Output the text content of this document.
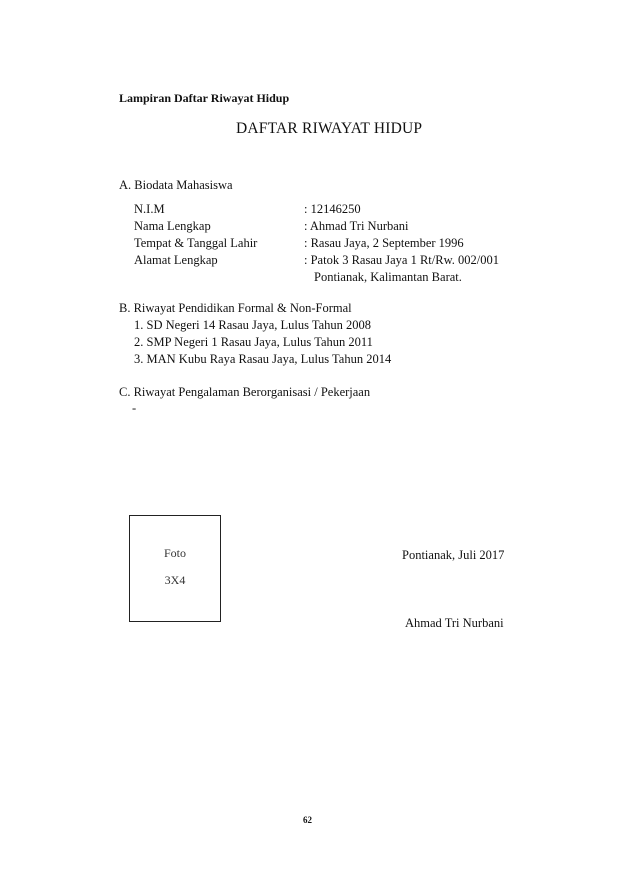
Lampiran Daftar Riwayat Hidup
DAFTAR RIWAYAT HIDUP
A. Biodata Mahasiswa
N.I.M	: 12146250
Nama Lengkap	: Ahmad Tri Nurbani
Tempat & Tanggal Lahir	: Rasau Jaya, 2 September 1996
Alamat Lengkap	: Patok 3 Rasau Jaya 1 Rt/Rw. 002/001
Pontianak, Kalimantan Barat.
B. Riwayat Pendidikan Formal & Non-Formal
1. SD Negeri 14 Rasau Jaya, Lulus Tahun 2008
2. SMP Negeri 1 Rasau Jaya, Lulus Tahun 2011
3. MAN Kubu Raya Rasau Jaya, Lulus Tahun 2014
C. Riwayat Pengalaman Berorganisasi / Pekerjaan
-
Foto
3X4
Pontianak, Juli 2017
Ahmad Tri Nurbani
62
